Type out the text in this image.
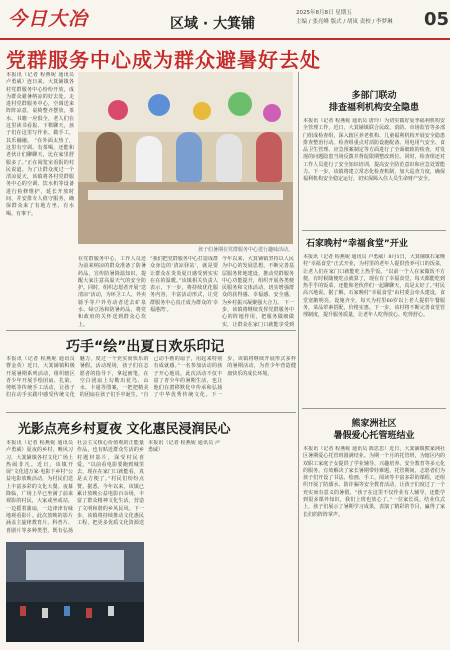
今日大冶	区域 · 大箕铺
2025年8月8日 星期五
主编 / 张亮峰 版式 / 胡岚 责校 / 李梦琳	05
党群服务中心成为群众避暑好去处
本报讯（记者 程燕妮 通讯员 卢勇威）连日来，大箕铺镇各村党群服务中心纷纷开放，成为群众避暑纳凉的好去处。走进村党群服务中心，空调送来阵阵凉意，桌椅整齐摆放，茶水、书籍一应俱全，老人们在这里读书看报、下棋聊天，孩子们在这里写作业、做手工，其乐融融。 “在外面太热了，这里有空调、有茶喝，还能和老伙计们聊聊天，比在家里舒服多了。”正在阅览室看报的村民说道。为了让群众度过一个清凉夏天，该镇将各村党群服务中心的空调、饮水机等设备进行检修维护，延长开放时间，并安排专人值守服务，确保群众来了有地方坐、有水喝、有事干。
孩子们暑期在党群服务中心进行趣味活动。
在党群服务中心，工作人员还为前来纳凉的群众准备了防暑药品，宣传防暑降温知识，提醒大家注意高温天气的安全防护。同时，组织志愿者开展“送清凉”活动，为环卫工人、外卖骑手等户外劳动者送去矿泉水、绿豆汤和防暑药品，将党和政府的关怀送到群众心坎上。
“我们把党群服务中心打造成群众身边的‘清凉驿站’，就是要让群众在炎炎夏日感受到实实在在的温暖。”该镇相关负责人表示，下一步，将持续优化服务内容，丰富活动形式，让党群服务中心真正成为群众的‘幸福港湾’。
今年以来，大箕铺镇坚持以人民为中心的发展思想，不断完善基层服务阵地建设，推动党群服务中心功能提升，组织开展各类便民服务和文体活动，切实增强群众的获得感、幸福感、安全感，为乡村振兴凝聚强大合力。 下一步，该镇将继续发挥党群服务中心的阵地作用，把服务做细做实，让群众在家门口就能享受到
多部门联动
排查福利机构安全隐患
本报讯（记者 程燕妮 通讯员 唐玲）为切实做好夏季福利机构安全管理工作，近日，大箕铺镇联合民政、消防、市场监管等多部门组成检查组，深入辖区养老机构、儿童福利机构开展安全隐患排查整治行动。检查组重点对消防设施配备、用电用气安全、食品卫生管理、应急预案制定等方面进行了全面细致的检查，对发现的问题隐患当场反馈并督促限期整改到位。同时，检查组还对工作人员进行了安全知识培训，提高安全防范意识和应急处置能力。下一步，该镇将建立常态化检查机制，加大巡查力度，确保福利机构安全稳定运行，切实保障入住人员生命财产安全。
石家晚村“幸福食堂”开业
本报讯（记者 程燕妮 通讯员 卢勇威）8月1日，大箕铺镇石家晚村“幸福食堂”正式开业，为村里的老年人提供营养可口的饭菜，让老人们在家门口就能吃上热乎饭。“以前一个人在家做饭不方便，有时候随便吃点就算了，现在有了幸福食堂，每天都能吃到热乎乎的饭菜，还能和老伙伴们一起聊聊天，真是太好了。”村民高兴地说。据了解，石家晚村“幸福食堂”由村委会牵头建设，食堂宽敞明亮，设施齐全，每天为村里60岁以上老人提供午餐服务，菜品荤素搭配，价格实惠。下一步，该村将不断完善食堂管理制度，提升服务质量，让老年人吃得放心、吃得舒心。
熊家洲社区
暑假爱心托管班结业
本报讯（记者 程燕妮 通讯员 陈思思）近日，大箕铺镇熊家洲社区暑期爱心托管班圆满结业。为期一个月的托管班，为辖区内的双职工家庭子女提供了学业辅导、兴趣培养、安全教育等多元化的服务，有效解决了家长暑期带娃难题。托管期间，志愿者们为孩子们开设了书法、绘画、手工、阅读等丰富多彩的课程，还组织开展了防溺水、防诈骗等安全教育活动，让孩子们度过了一个充实而有意义的暑假。“孩子在这里不仅作业有人辅导，还能学到很多课外知识，我们上班也放心了。”一位家长说。结业仪式上，孩子们展示了暑期学习成果，表演了精彩的节目，赢得了家长们的阵阵掌声。
巧手“绘”出夏日欢乐印记
本报讯（记者 程燕妮 通讯员 曹金英）近日，大箕铺镇积极开展暑期系列活动，组织辖区青少年开展手绘团扇、扎染、剪纸等传统手工活动，让孩子们在动手实践中感受传统文化魅力，度过一个充实而快乐的暑假。活动现场，孩子们在志愿者的指导下，拿起画笔，在空白团扇上勾勒出花鸟、山水、卡通等图案，一把把精美的团扇在孩子们手中诞生。“自己动手画的扇子，用起来特别有成就感。”一名参加活动的孩子开心地说。此次活动不仅丰富了青少年的暑期生活，也让他们在潜移默化中传承和弘扬了中华优秀传统文化。下一步，该镇将继续开展形式多样的暑期活动，为青少年营造健康快乐的成长环境。
光影点亮乡村夏夜 文化惠民浸润民心
本报讯（记者 程燕妮 通讯员 卢勇威）夏夜的乡村，晚风习习，大箕铺镇各村文化广场上热闹非凡。近日，该镇开展“文化进万家·电影下乡村”公益电影放映活动，为村民们送上丰富多彩的文化大餐。夜幕降临，广场上早已坐满了前来观影的村民，大家或坐或站，一边摇着蒲扇，一边津津有味地观看影片。此次放映的影片涵盖主旋律教育片、科普片、喜剧片等多种类型，既有弘扬社会主义核心价值观的正能量作品，也有贴近群众生活的乡村题材影片，深受村民喜爱。“以前看电影要跑到城里去，现在在家门口就能看，真是太方便了。”村民们纷纷点赞。据悉，今年以来，该镇已累计放映公益电影百余场，丰富了群众精神文化生活，营造了文明和谐的乡风民风。下一步，该镇将持续推动文化惠民工程，把更多优质文化资源送
本报讯（记者 程燕妮 通讯员 卢勇威）
